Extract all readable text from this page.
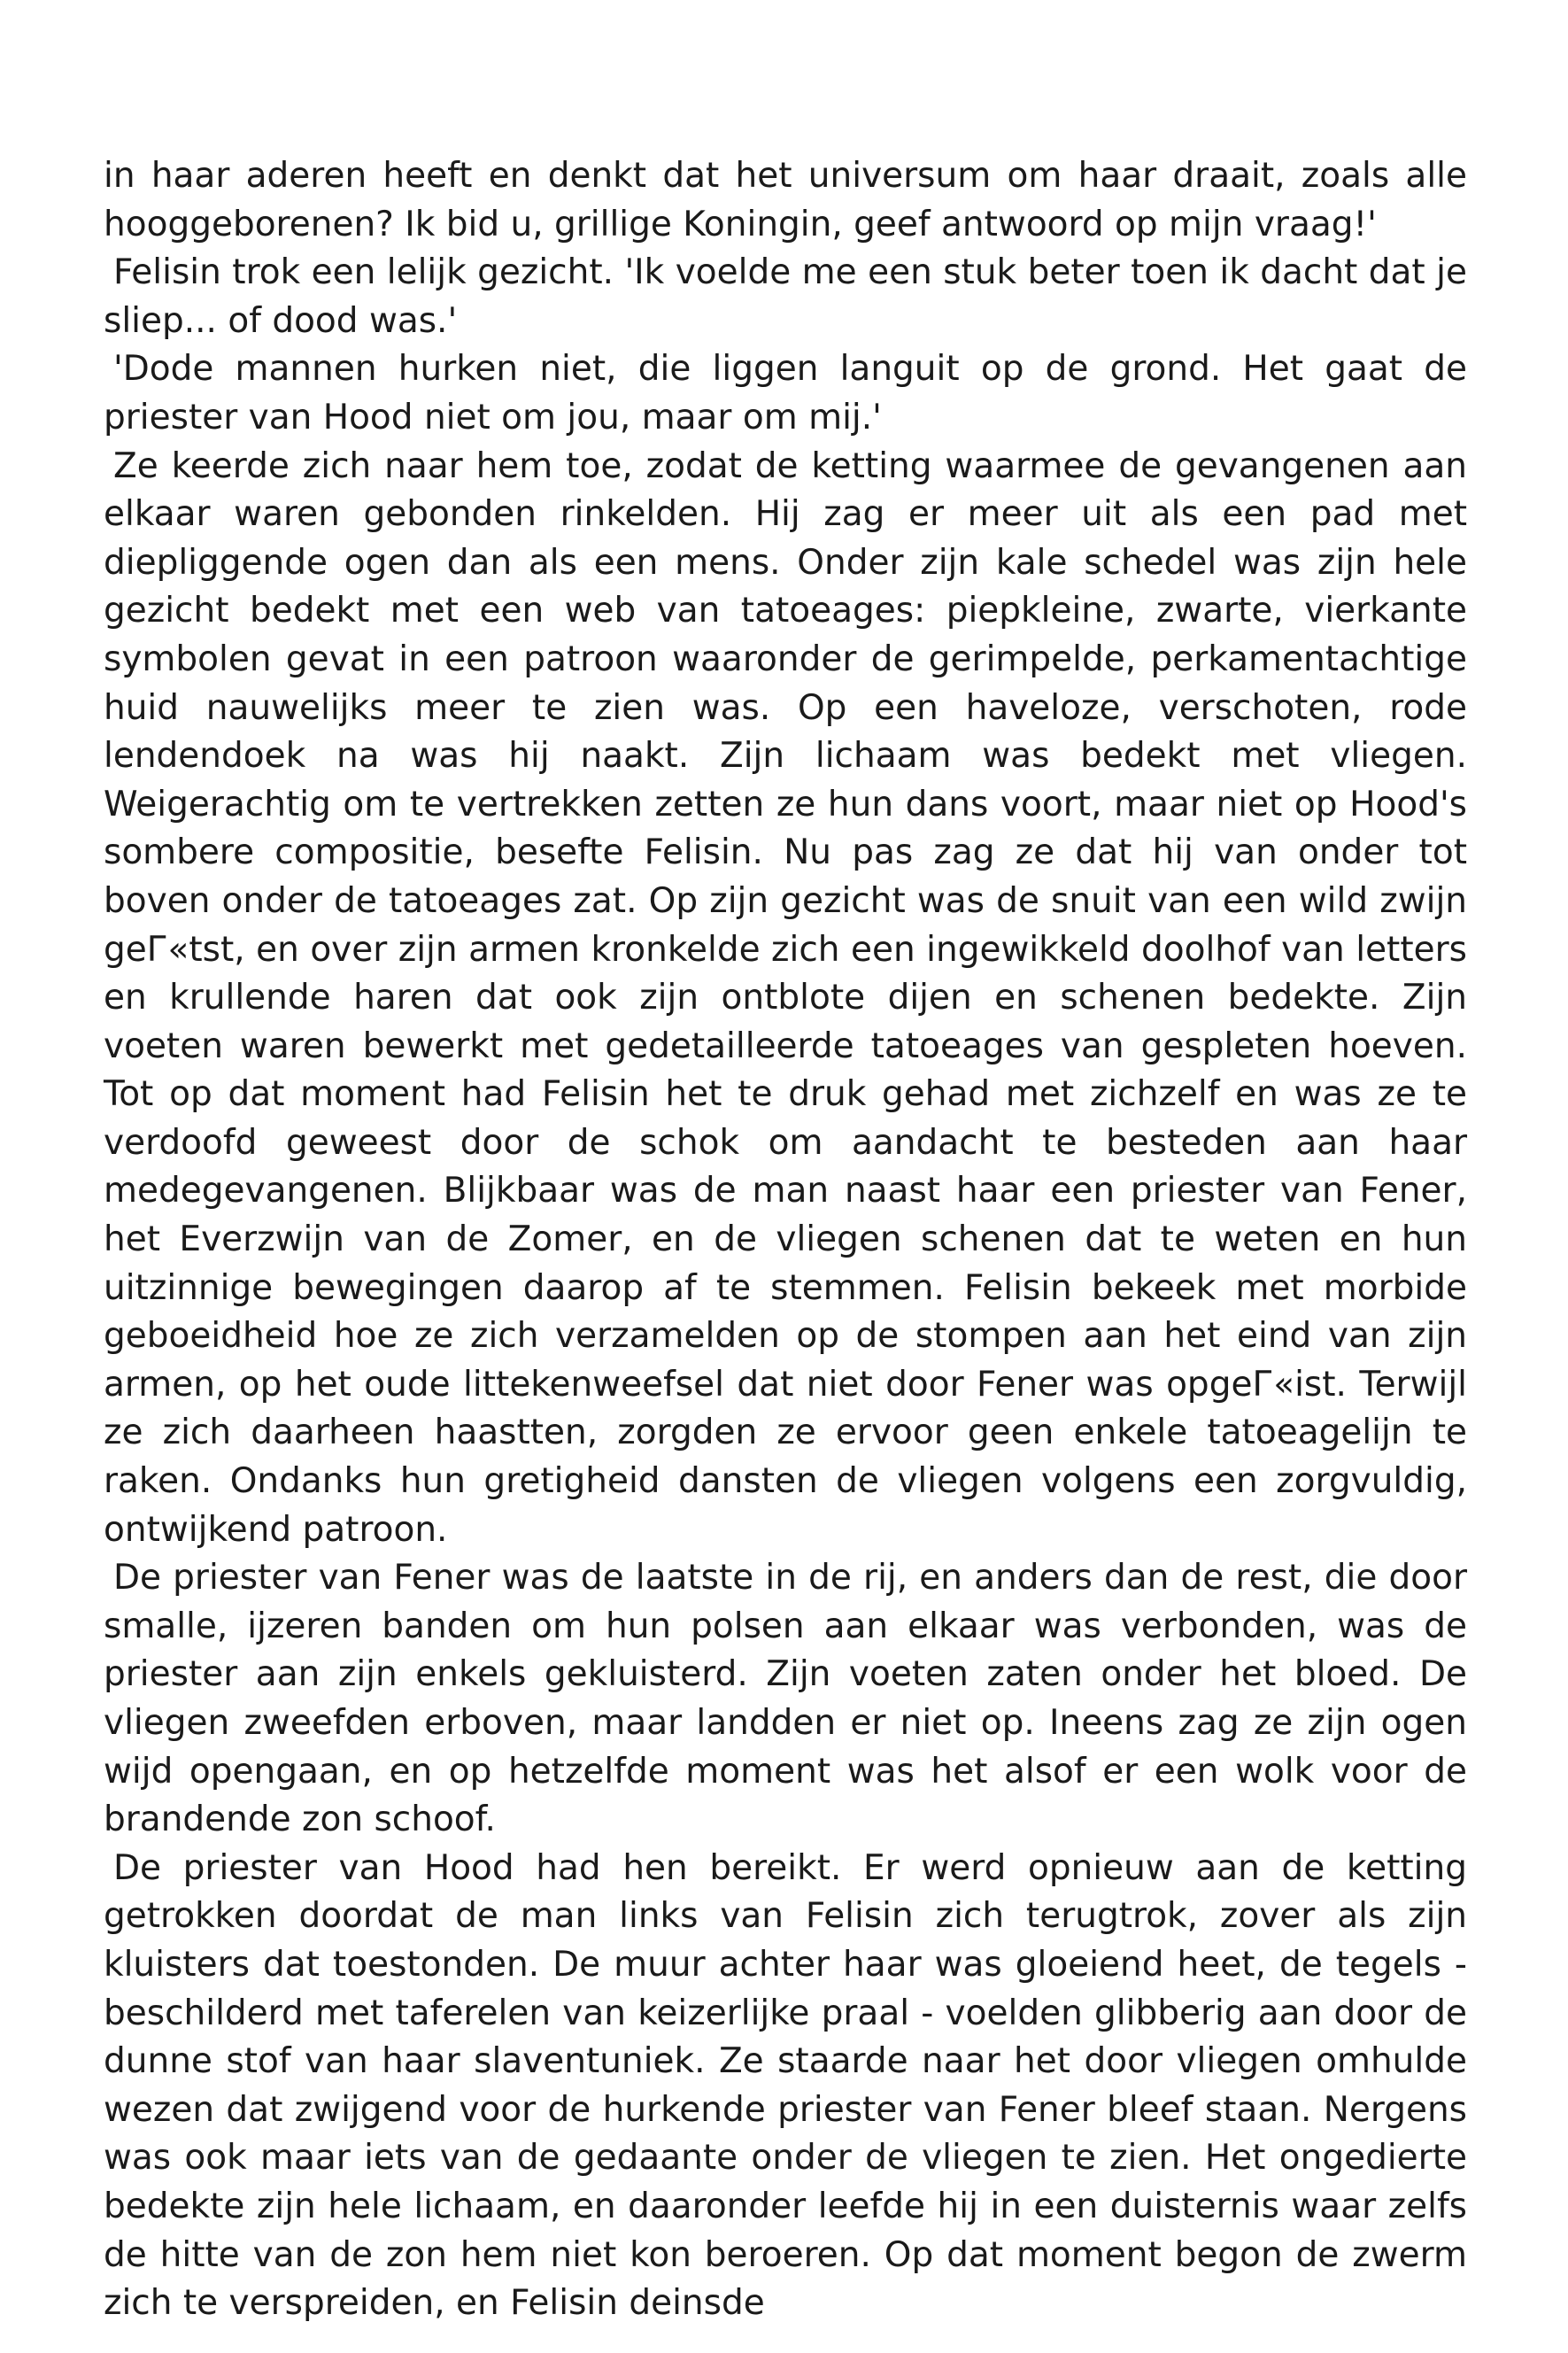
in haar aderen heeft en denkt dat het universum om haar draait, zoals alle hooggeborenen? Ik bid u, grillige Koningin, geef antwoord op mijn vraag!'

Felisin trok een lelijk gezicht. 'Ik voelde me een stuk beter toen ik dacht dat je sliep... of dood was.'

'Dode mannen hurken niet, die liggen languit op de grond. Het gaat de priester van Hood niet om jou, maar om mij.'

Ze keerde zich naar hem toe, zodat de ketting waarmee de gevangenen aan elkaar waren gebonden rinkelden. Hij zag er meer uit als een pad met diepliggende ogen dan als een mens. Onder zijn kale schedel was zijn hele gezicht bedekt met een web van tatoeages: piepkleine, zwarte, vierkante symbolen gevat in een patroon waaronder de gerimpelde, perkamentachtige huid nauwelijks meer te zien was. Op een haveloze, verschoten, rode lendendoek na was hij naakt. Zijn lichaam was bedekt met vliegen. Weigerachtig om te vertrekken zetten ze hun dans voort, maar niet op Hood's sombere compositie, besefte Felisin. Nu pas zag ze dat hij van onder tot boven onder de tatoeages zat. Op zijn gezicht was de snuit van een wild zwijn geГ«tst, en over zijn armen kronkelde zich een ingewikkeld doolhof van letters en krullende haren dat ook zijn ontblote dijen en schenen bedekte. Zijn voeten waren bewerkt met gedetailleerde tatoeages van gespleten hoeven. Tot op dat moment had Felisin het te druk gehad met zichzelf en was ze te verdoofd geweest door de schok om aandacht te besteden aan haar medegevangenen. Blijkbaar was de man naast haar een priester van Fener, het Everzwijn van de Zomer, en de vliegen schenen dat te weten en hun uitzinnige bewegingen daarop af te stemmen. Felisin bekeek met morbide geboeidheid hoe ze zich verzamelden op de stompen aan het eind van zijn armen, op het oude littekenweefsel dat niet door Fener was opgeГ«ist. Terwijl ze zich daarheen haastten, zorgden ze ervoor geen enkele tatoeagelijn te raken. Ondanks hun gretigheid dansten de vliegen volgens een zorgvuldig, ontwijkend patroon.

De priester van Fener was de laatste in de rij, en anders dan de rest, die door smalle, ijzeren banden om hun polsen aan elkaar was verbonden, was de priester aan zijn enkels gekluisterd. Zijn voeten zaten onder het bloed. De vliegen zweefden erboven, maar landden er niet op. Ineens zag ze zijn ogen wijd opengaan, en op hetzelfde moment was het alsof er een wolk voor de brandende zon schoof.

De priester van Hood had hen bereikt. Er werd opnieuw aan de ketting getrokken doordat de man links van Felisin zich terugtrok, zover als zijn kluisters dat toestonden. De muur achter haar was gloeiend heet, de tegels - beschilderd met taferelen van keizerlijke praal - voelden glibberig aan door de dunne stof van haar slaventuniek. Ze staarde naar het door vliegen omhulde wezen dat zwijgend voor de hurkende priester van Fener bleef staan. Nergens was ook maar iets van de gedaante onder de vliegen te zien. Het ongedierte bedekte zijn hele lichaam, en daaronder leefde hij in een duisternis waar zelfs de hitte van de zon hem niet kon beroeren. Op dat moment begon de zwerm zich te verspreiden, en Felisin deinsde
